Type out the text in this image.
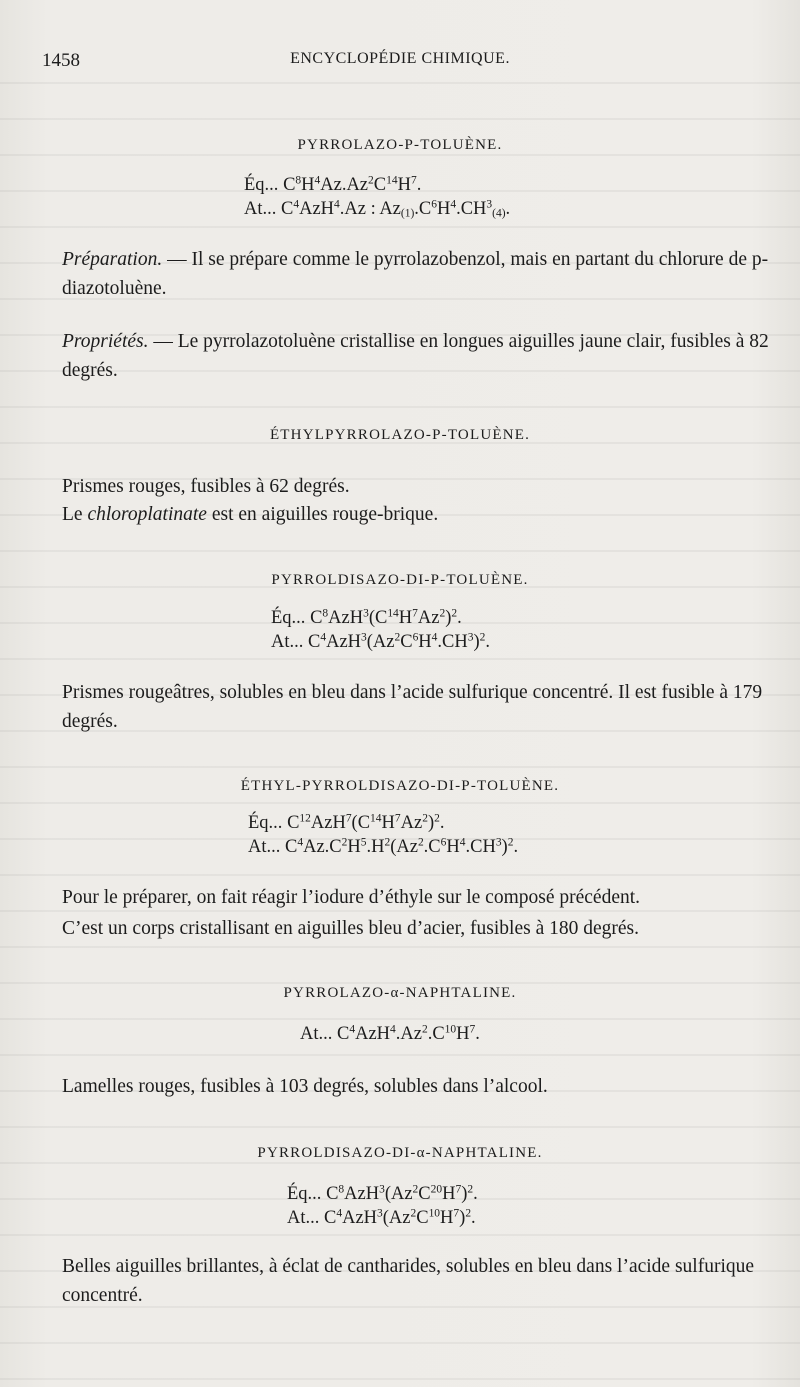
1458	ENCYCLOPÉDIE CHIMIQUE.
PYRROLAZO-P-TOLUÈNE.
Éq... $C^8H^4Az.Az^2C^{14}H^7$.
At... $C^4AzH^4.Az$ : $Az_{(1)}.C^6H^4.CH^3_{(4)}$.

Préparation. — Il se prépare comme le pyrrolazobenzol, mais en partant du chlorure de p-diazotoluène.

Propriétés. — Le pyrrolazotoluène cristallise en longues aiguilles jaune clair, fusibles à 82 degrés.

ÉTHYLPYRROLAZO-P-TOLUÈNE.

Prismes rouges, fusibles à 62 degrés.

Le chloroplatinate est en aiguilles rouge-brique.

PYRROLDISAZO-DI-P-TOLUÈNE.
Éq... $C^8AzH^3(C^{14}H^7Az^2)^2$.
At... $C^4AzH^3(Az^2C^6H^4.CH^3)^2$.

Prismes rougeâtres, solubles en bleu dans l’acide sulfurique concentré. Il est fusible à 179 degrés.

ÉTHYL-PYRROLDISAZO-DI-P-TOLUÈNE.
Éq... $C^{12}AzH^7(C^{14}H^7Az^2)^2$.
At... $C^4Az.C^2H^5.H^2(Az^2.C^6H^4.CH^3)^2$.

Pour le préparer, on fait réagir l’iodure d’éthyle sur le composé précédent.

C’est un corps cristallisant en aiguilles bleu d’acier, fusibles à 180 degrés.

PYRROLAZO-α-NAPHTALINE.
At... $C^4AzH^4.Az^2.C^{10}H^7$.

Lamelles rouges, fusibles à 103 degrés, solubles dans l’alcool.

PYRROLDISAZO-DI-α-NAPHTALINE.
Éq... $C^8AzH^3(Az^2C^{20}H^7)^2$.
At... $C^4AzH^3(Az^2C^{10}H^7)^2$.

Belles aiguilles brillantes, à éclat de cantharides, solubles en bleu dans l’acide sulfurique concentré.
